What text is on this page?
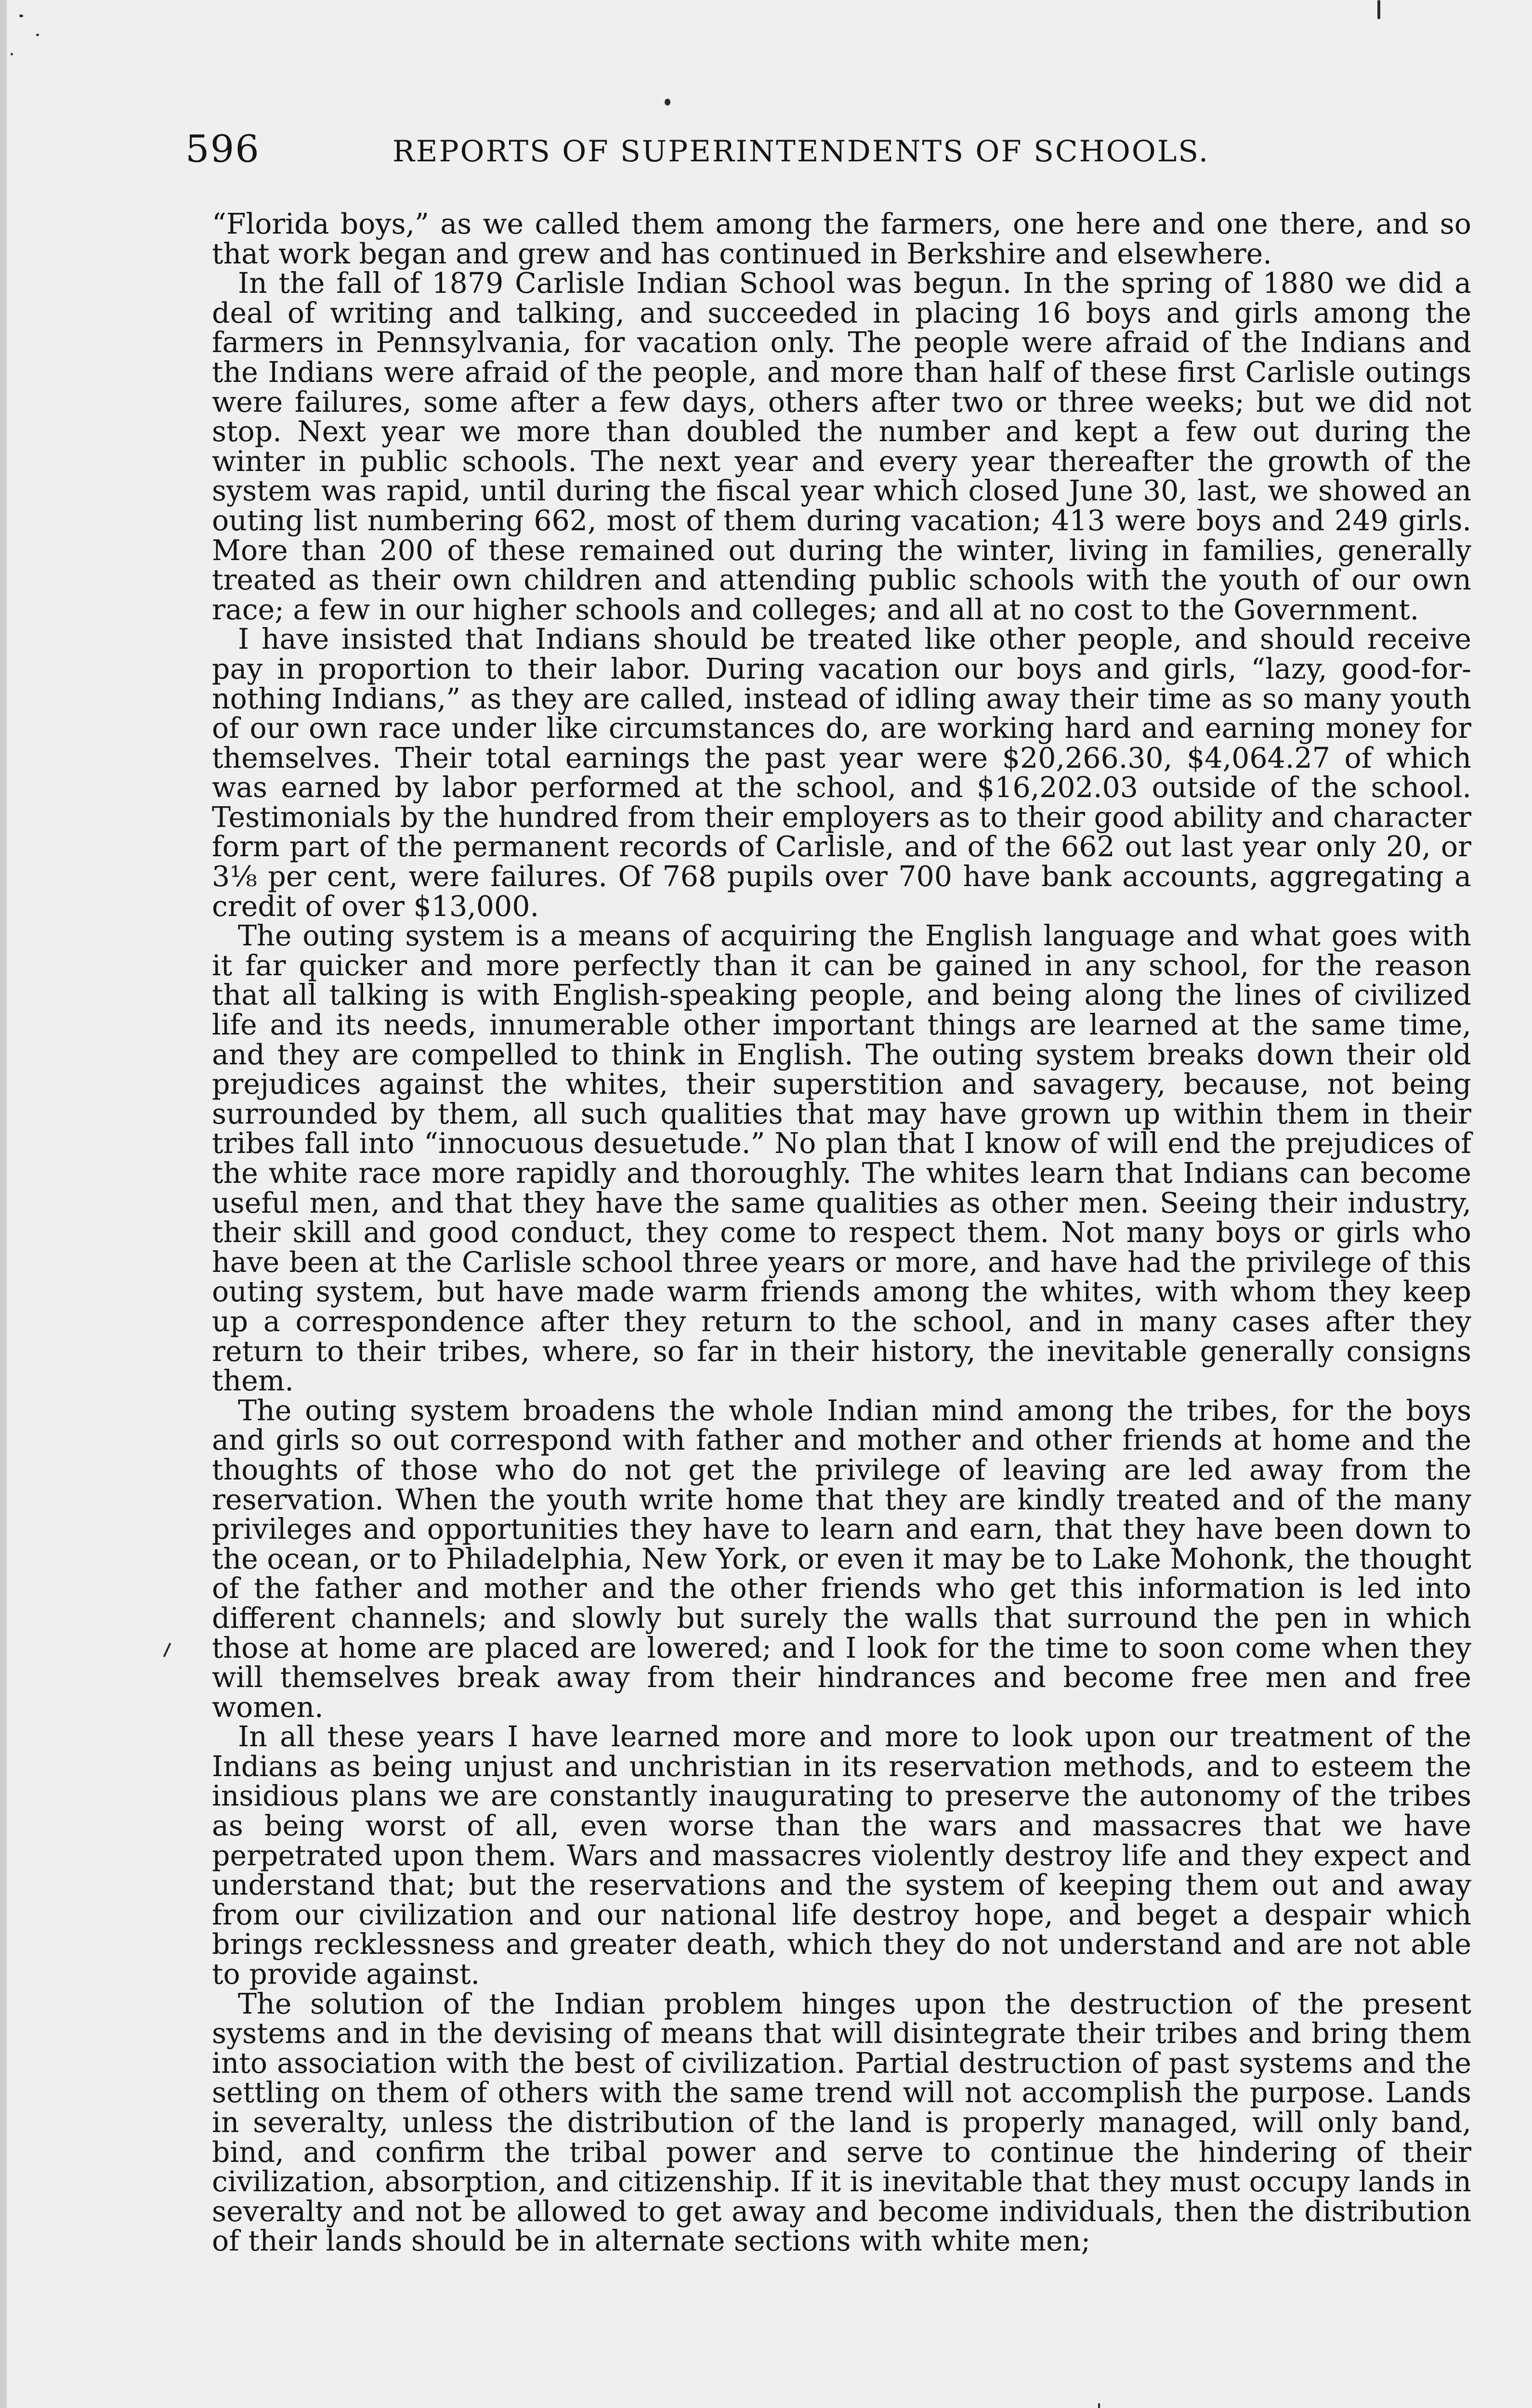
596	REPORTS OF SUPERINTENDENTS OF SCHOOLS.

“Florida boys,” as we called them among the farmers, one here and one there, and so that work began and grew and has continued in Berkshire and elsewhere.

In the fall of 1879 Carlisle Indian School was begun. In the spring of 1880 we did a deal of writing and talking, and succeeded in placing 16 boys and girls among the farmers in Pennsylvania, for vacation only. The people were afraid of the Indians and the Indians were afraid of the people, and more than half of these first Carlisle outings were failures, some after a few days, others after two or three weeks; but we did not stop. Next year we more than doubled the number and kept a few out during the winter in public schools. The next year and every year thereafter the growth of the system was rapid, until during the fiscal year which closed June 30, last, we showed an outing list numbering 662, most of them during vacation; 413 were boys and 249 girls. More than 200 of these remained out during the winter, living in families, generally treated as their own children and attending public schools with the youth of our own race; a few in our higher schools and colleges; and all at no cost to the Government.

I have insisted that Indians should be treated like other people, and should receive pay in proportion to their labor. During vacation our boys and girls, “lazy, good-for-nothing Indians,” as they are called, instead of idling away their time as so many youth of our own race under like circumstances do, are working hard and earning money for themselves. Their total earnings the past year were $20,266.30, $4,064.27 of which was earned by labor performed at the school, and $16,202.03 outside of the school. Testimonials by the hundred from their employers as to their good ability and character form part of the permanent records of Carlisle, and of the 662 out last year only 20, or 3⅛ per cent, were failures. Of 768 pupils over 700 have bank accounts, aggregating a credit of over $13,000.

The outing system is a means of acquiring the English language and what goes with it far quicker and more perfectly than it can be gained in any school, for the reason that all talking is with English-speaking people, and being along the lines of civilized life and its needs, innumerable other important things are learned at the same time, and they are compelled to think in English. The outing system breaks down their old prejudices against the whites, their superstition and savagery, because, not being surrounded by them, all such qualities that may have grown up within them in their tribes fall into “innocuous desuetude.” No plan that I know of will end the prejudices of the white race more rapidly and thoroughly. The whites learn that Indians can become useful men, and that they have the same qualities as other men. Seeing their industry, their skill and good conduct, they come to respect them. Not many boys or girls who have been at the Carlisle school three years or more, and have had the privilege of this outing system, but have made warm friends among the whites, with whom they keep up a correspondence after they return to the school, and in many cases after they return to their tribes, where, so far in their history, the inevitable generally consigns them.

The outing system broadens the whole Indian mind among the tribes, for the boys and girls so out correspond with father and mother and other friends at home and the thoughts of those who do not get the privilege of leaving are led away from the reservation. When the youth write home that they are kindly treated and of the many privileges and opportunities they have to learn and earn, that they have been down to the ocean, or to Philadelphia, New York, or even it may be to Lake Mohonk, the thought of the father and mother and the other friends who get this information is led into different channels; and slowly but surely the walls that surround the pen in which those at home are placed are lowered; and I look for the time to soon come when they will themselves break away from their hindrances and become free men and free women.

In all these years I have learned more and more to look upon our treatment of the Indians as being unjust and unchristian in its reservation methods, and to esteem the insidious plans we are constantly inaugurating to preserve the autonomy of the tribes as being worst of all, even worse than the wars and massacres that we have perpetrated upon them. Wars and massacres violently destroy life and they expect and understand that; but the reservations and the system of keeping them out and away from our civilization and our national life destroy hope, and beget a despair which brings recklessness and greater death, which they do not understand and are not able to provide against.

The solution of the Indian problem hinges upon the destruction of the present systems and in the devising of means that will disintegrate their tribes and bring them into association with the best of civilization. Partial destruction of past systems and the settling on them of others with the same trend will not accomplish the purpose. Lands in severalty, unless the distribution of the land is properly managed, will only band, bind, and confirm the tribal power and serve to continue the hindering of their civilization, absorption, and citizenship. If it is inevitable that they must occupy lands in severalty and not be allowed to get away and become individuals, then the distribution of their lands should be in alternate sections with white men;
